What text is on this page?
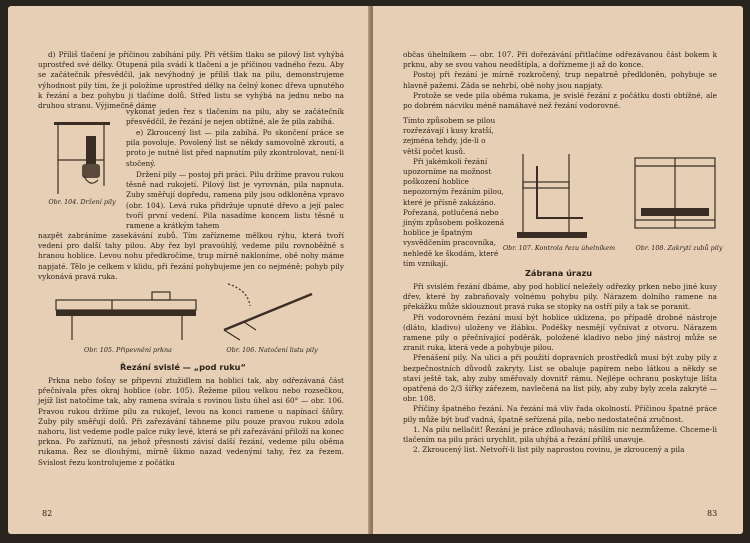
d) Příliš tlačení je příčinou zabíhání pily. Při větším tlaku se pilový list vyhýbá uprostřed své délky. Otupená pila svádí k tlačení a je příčinou vadného řezu. Aby se začátečník přesvědčil, jak nevýhodný je příliš tlak na pilu, demonstrujeme výhodnost pily tím, že ji položíme uprostřed délky na čelný konec dřeva upnutého k řezání a bez pohybu ji tlačíme dolů. Střed listu se vyhýbá na jednu nebo na druhou stranu. Výjimečně dáme

Obr. 104. Držení pily

vykonat jeden řez s tlačením na pilu, aby se začátečník přesvědčil, že řezání je nejen obtížné, ale že pila zabíhá.

e) Zkroucený list — pila zabíhá. Po skončení práce se pila povoluje. Povolený list se někdy samovolně zkroutí, a proto je nutné list před napnutím pily zkontrolovat, není-li stočený.

Držení pily — postoj při práci. Pilu držíme pravou rukou těsně nad rukojetí. Pilový list je vyrovnán, pila napnuta. Zuby směřují dopředu, ramena pily jsou odkloněna vpravo (obr. 104). Levá ruka přidržuje upnuté dřevo a její palec tvoří první vedení. Pila nasadíme koncem listu těsně u ramene a krátkým tahem

nazpět zabráníme zasekávání zubů. Tím zařízneme mělkou rýhu, která tvoří vedení pro další tahy pilou. Aby řez byl pravoúhlý, vedeme pilu rovnoběžně s hranou hoblice. Levou nohu předkročíme, trup mírně nakloníme, obě nohy máme napjaté. Tělo je celkem v klidu, při řezání pohybujeme jen co nejméně; pohyb pily vykonává pravá ruka.

Obr. 105. Připevnění prkna	Obr. 106. Natočení listu pily
Řezání svislé — „pod ruku“

Prkna nebo fošny se připevní ztužidlem na hoblici tak, aby odřezávaná část přečnívala přes okraj hoblice (obr. 105). Řežeme pilou velkou nebo rozsečkou, jejíž list natočíme tak, aby ramena svírala s rovinou listu úhel asi 60° — obr. 106. Pravou rukou držíme pilu za rukojeť, levou na konci ramene u napínací šňůry. Zuby pily směřují dolů. Při zařezávání táhneme pilu pouze pravou rukou zdola nahoru, list vedeme podle palce ruky levé, která se při zařezávání přiloží na konec prkna. Po zaříznutí, na jehož přesnosti závisí další řezání, vedeme pilu oběma rukama. Řez se dlouhými, mírně šikmo nazad vedenými tahy, řez za řezem. Svislost řezu kontrolujeme z počátku

82

občas úhelníkem — obr. 107. Při dořezávání přitlačíme odřezávanou část bokem k prknu, aby se svou vahou neodštípla, a dořízneme ji až do konce.

Postoj při řezání je mírně rozkročený, trup nepatrně předkloněn, pohybuje se hlavně pažemi. Záda se nehrbí, obě nohy jsou napjaty.

Protože se vede pila oběma rukama, je svislé řezání z počátku dosti obtížné, ale po dobrém nácviku méně namáhavé než řezání vodorovné.

Tímto způsobem se pilou rozřezávají i kusy kratší, zejména tehdy, jde-li o větší počet kusů.

Při jakémkoli řezání upozorníme na možnost poškození hoblice nepozorným řezáním pilou, které je přísně zakázáno. Pořezaná, potlučená nebo jiným způsobem poškozená hoblice je špatným vysvědčením pracovníka, nehledě ke škodám, které tím vznikají.

Obr. 107. Kontrola řezu úhelníkem	Obr. 108. Zakrytí zubů pily
Zábrana úrazu

Při svislém řezání dbáme, aby pod hoblicí neležely odřezky prken nebo jiné kusy dřev, které by zabraňovaly volnému pohybu pily. Nárazem dolního ramene na překážku může sklouznout pravá ruka se stopky na ostří pily a tak se poranit.

Při vodorovném řezání musí být hoblice uklizena, po případě drobné nástroje (dláto, kladivo) uloženy ve žlábku. Podéšky nesmějí vyčnívat z otvoru. Nárazem ramene pily o přečnívající poděrák, položené kladivo nebo jiný nástroj může se zranit ruka, která vede a pohybuje pilou.

Přenášení pily. Na ulici a při použití dopravních prostředků musí být zuby pily z bezpečnostních důvodů zakryty. List se obaluje papírem nebo látkou a někdy se staví ještě tak, aby zuby směřovaly dovnitř rámu. Nejlépe ochranu poskytuje lišta opatřená do 2/3 šířky zářezem, navlečená na list pily, aby zuby byly zcela zakryté — obr. 108.

Příčiny špatného řezání. Na řezání má vliv řada okolností. Příčinou špatné práce pily může být buď vadná, špatně seřízená pila, nebo nedostatečná zručnost.

1. Na pilu nellačit! Řezání je práce zdlouhavá; násilím nic nezmůžeme. Chceme-li tlačením na pilu práci urychlit, pila uhýbá a řezání příliš unavuje.

2. Zkroucený list. Netvoří-li list pily naprostou rovinu, je zkroucený a pila

83
